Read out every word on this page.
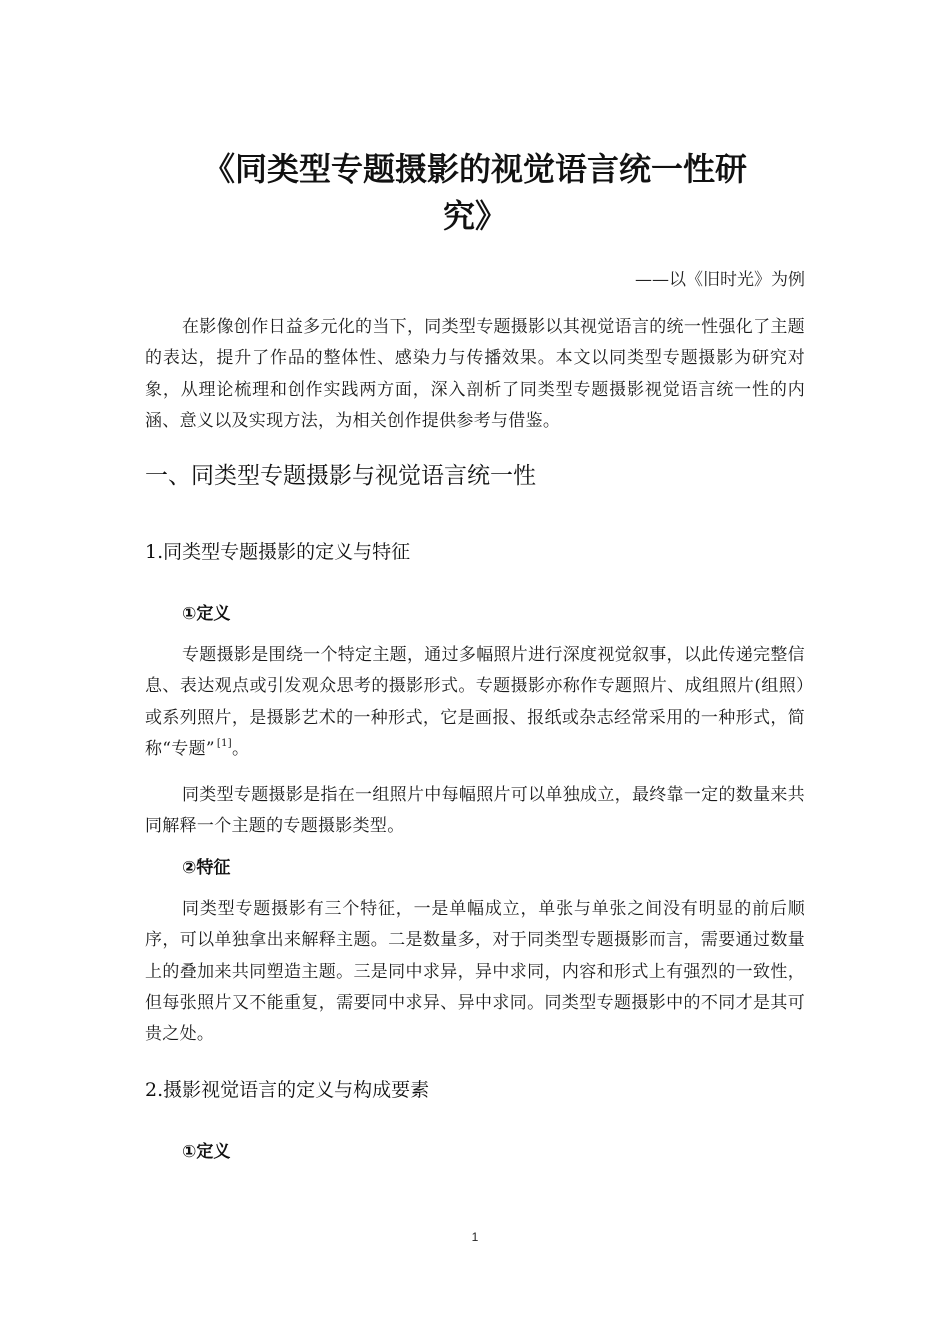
《同类型专题摄影的视觉语言统一性研
究》
——以《旧时光》为例

在影像创作日益多元化的当下，同类型专题摄影以其视觉语言的统一性强化了主题的表达，提升了作品的整体性、感染力与传播效果。本文以同类型专题摄影为研究对象，从理论梳理和创作实践两方面，深入剖析了同类型专题摄影视觉语言统一性的内涵、意义以及实现方法，为相关创作提供参考与借鉴。

一、同类型专题摄影与视觉语言统一性
1.同类型专题摄影的定义与特征
①定义

专题摄影是围绕一个特定主题，通过多幅照片进行深度视觉叙事，以此传递完整信息、表达观点或引发观众思考的摄影形式。专题摄影亦称作专题照片、成组照片(组照）或系列照片，是摄影艺术的一种形式，它是画报、报纸或杂志经常采用的一种形式，简称“专题” [1]。

同类型专题摄影是指在一组照片中每幅照片可以单独成立，最终靠一定的数量来共同解释一个主题的专题摄影类型。

②特征

同类型专题摄影有三个特征，一是单幅成立，单张与单张之间没有明显的前后顺序，可以单独拿出来解释主题。二是数量多，对于同类型专题摄影而言，需要通过数量上的叠加来共同塑造主题。三是同中求异，异中求同，内容和形式上有强烈的一致性，但每张照片又不能重复，需要同中求异、异中求同。同类型专题摄影中的不同才是其可贵之处。

2.摄影视觉语言的定义与构成要素
①定义
1
